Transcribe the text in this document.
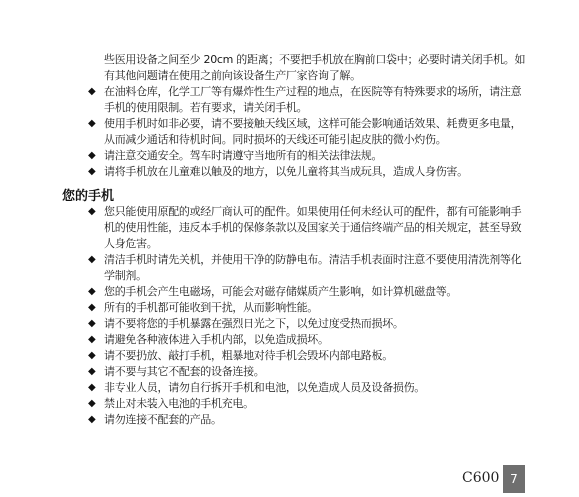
些医用设备之间至少 20cm 的距离；不要把手机放在胸前口袋中；必要时请关闭手机。如有其他问题请在使用之前向该设备生产厂家咨询了解。
◆ 在油料仓库，化学工厂等有爆炸性生产过程的地点，在医院等有特殊要求的场所，请注意手机的使用限制。若有要求，请关闭手机。
◆ 使用手机时如非必要，请不要接触天线区域，这样可能会影响通话效果、耗费更多电量，从而减少通话和待机时间。同时损坏的天线还可能引起皮肤的微小灼伤。
◆ 请注意交通安全。驾车时请遵守当地所有的相关法律法规。
◆ 请将手机放在儿童难以触及的地方，以免儿童将其当成玩具，造成人身伤害。
您的手机
◆ 您只能使用原配的或经厂商认可的配件。如果使用任何未经认可的配件，都有可能影响手机的使用性能，违反本手机的保修条款以及国家关于通信终端产品的相关规定，甚至导致人身危害。
◆ 清洁手机时请先关机，并使用干净的防静电布。清洁手机表面时注意不要使用清洗剂等化学制剂。
◆ 您的手机会产生电磁场，可能会对磁存储媒质产生影响，如计算机磁盘等。
◆ 所有的手机都可能收到干扰，从而影响性能。
◆ 请不要将您的手机暴露在强烈日光之下，以免过度受热而损坏。
◆ 请避免各种液体进入手机内部，以免造成损坏。
◆ 请不要扔放、敲打手机，粗暴地对待手机会毁坏内部电路板。
◆ 请不要与其它不配套的设备连接。
◆ 非专业人员，请勿自行拆开手机和电池，以免造成人员及设备损伤。
◆ 禁止对未装入电池的手机充电。
◆ 请勿连接不配套的产品。
C600 7
